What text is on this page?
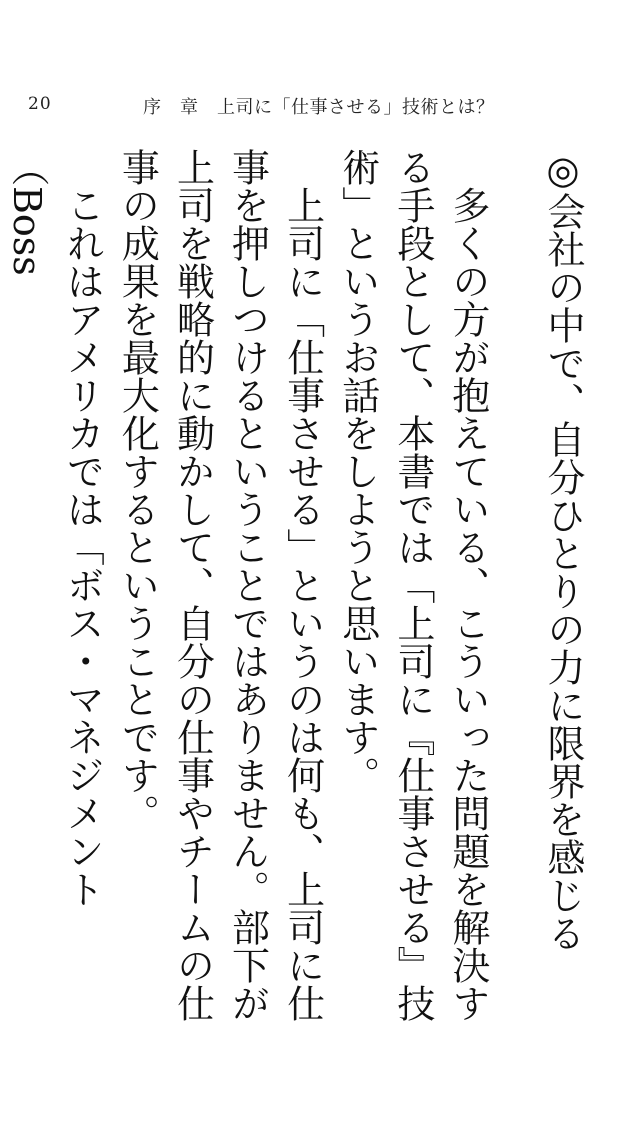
20	序　章　上司に「仕事させる」技術とは？

◎会社の中で、自分ひとりの力に限界を感じる

多くの方が抱えている、こういった問題を解決する手段として、本書では「上司に『仕事させる』技術」というお話をしようと思います。

上司に「仕事させる」というのは何も、上司に仕事を押しつけるということではありません。部下が上司を戦略的に動かして、自分の仕事やチームの仕事の成果を最大化するということです。

これはアメリカでは「ボス・マネジメント（Boss
